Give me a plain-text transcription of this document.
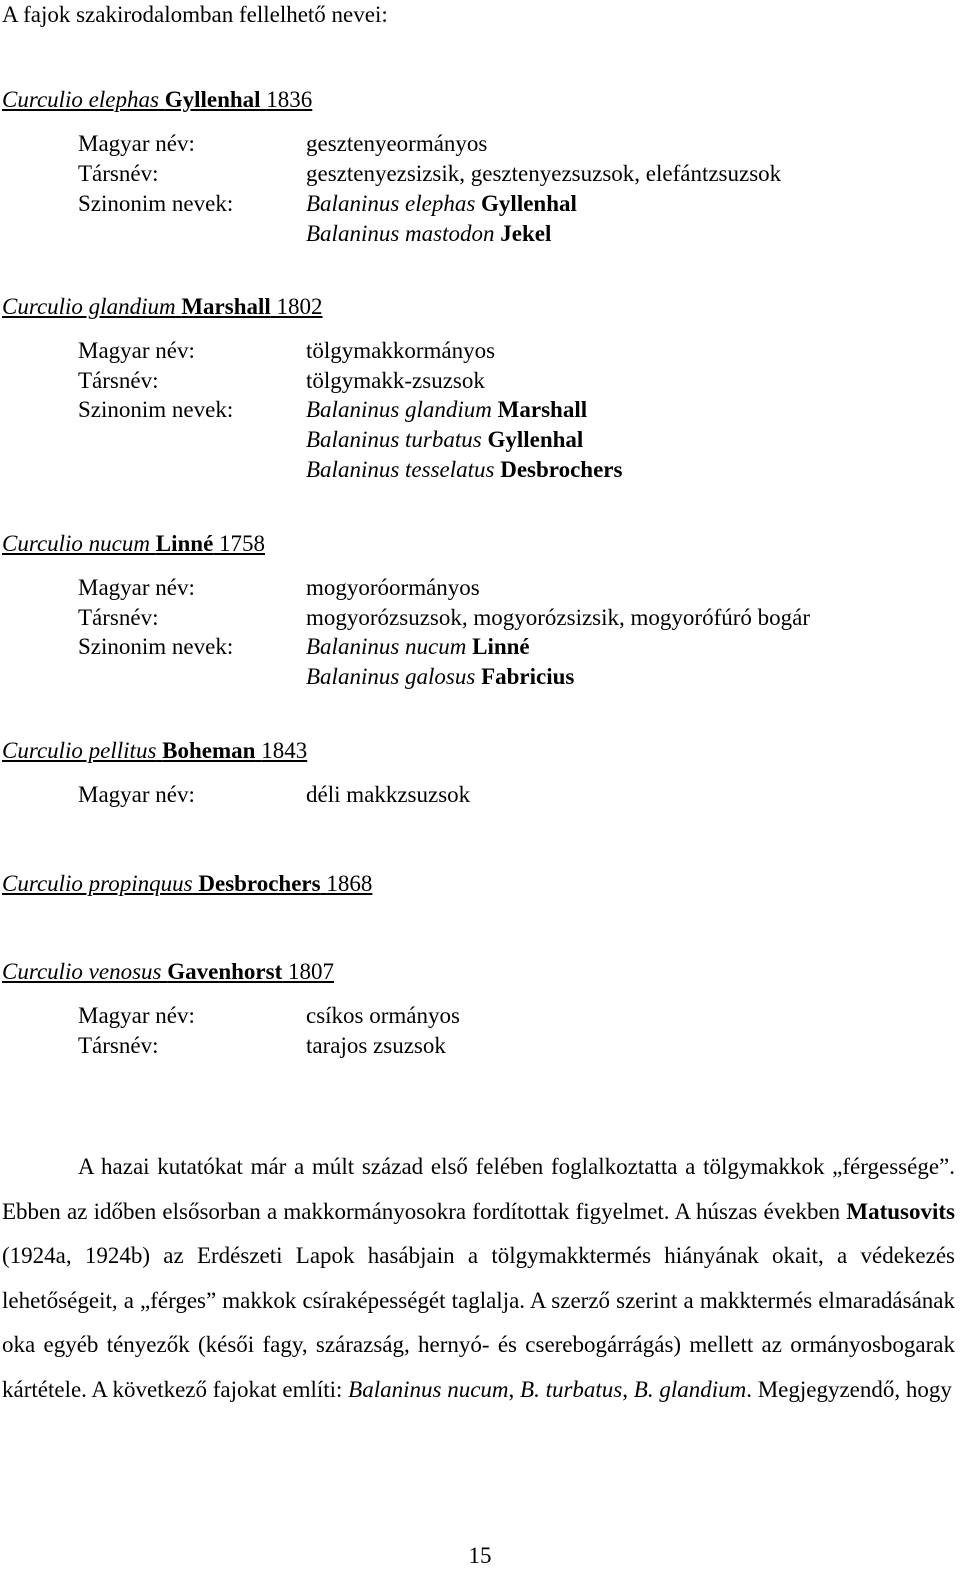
A fajok szakirodalomban fellelhető nevei:
Curculio elephas Gyllenhal 1836
Magyar név:	gesztenyeormányos
Társnév:	gesztenyezsizsik, gesztenyezsuzsok, elefántzsuzsok
Szinonim nevek:	Balaninus elephas Gyllenhal
Balaninus mastodon Jekel
Curculio glandium Marshall 1802
Magyar név:	tölgymakkormányos
Társnév:	tölgymakk-zsuzsok
Szinonim nevek:	Balaninus glandium Marshall
Balaninus turbatus Gyllenhal
Balaninus tesselatus Desbrochers
Curculio nucum Linné 1758
Magyar név:	mogyoróormányos
Társnév:	mogyorózsuzsok, mogyorózsizsik, mogyorófúró bogár
Szinonim nevek:	Balaninus nucum Linné
Balaninus galosus Fabricius
Curculio pellitus Boheman 1843
Magyar név:	déli makkzsuzsok
Curculio propinquus Desbrochers 1868
Curculio venosus Gavenhorst 1807
Magyar név:	csíkos ormányos
Társnév:	tarajos zsuzsok
A hazai kutatókat már a múlt század első felében foglalkoztatta a tölgymakkok „férgessége”. Ebben az időben elsősorban a makkormányosokra fordítottak figyelmet. A húszas években Matusovits (1924a, 1924b) az Erdészeti Lapok hasábjain a tölgymakktermés hiányának okait, a védekezés lehetőségeit, a „férges” makkok csíraképességét taglalja. A szerző szerint a makktermés elmaradásának oka egyéb tényezők (késői fagy, szárazság, hernyó- és cserebogárrágás) mellett az ormányosbogarak kártétele. A következő fajokat említi: Balaninus nucum, B. turbatus, B. glandium. Megjegyzendő, hogy
15
